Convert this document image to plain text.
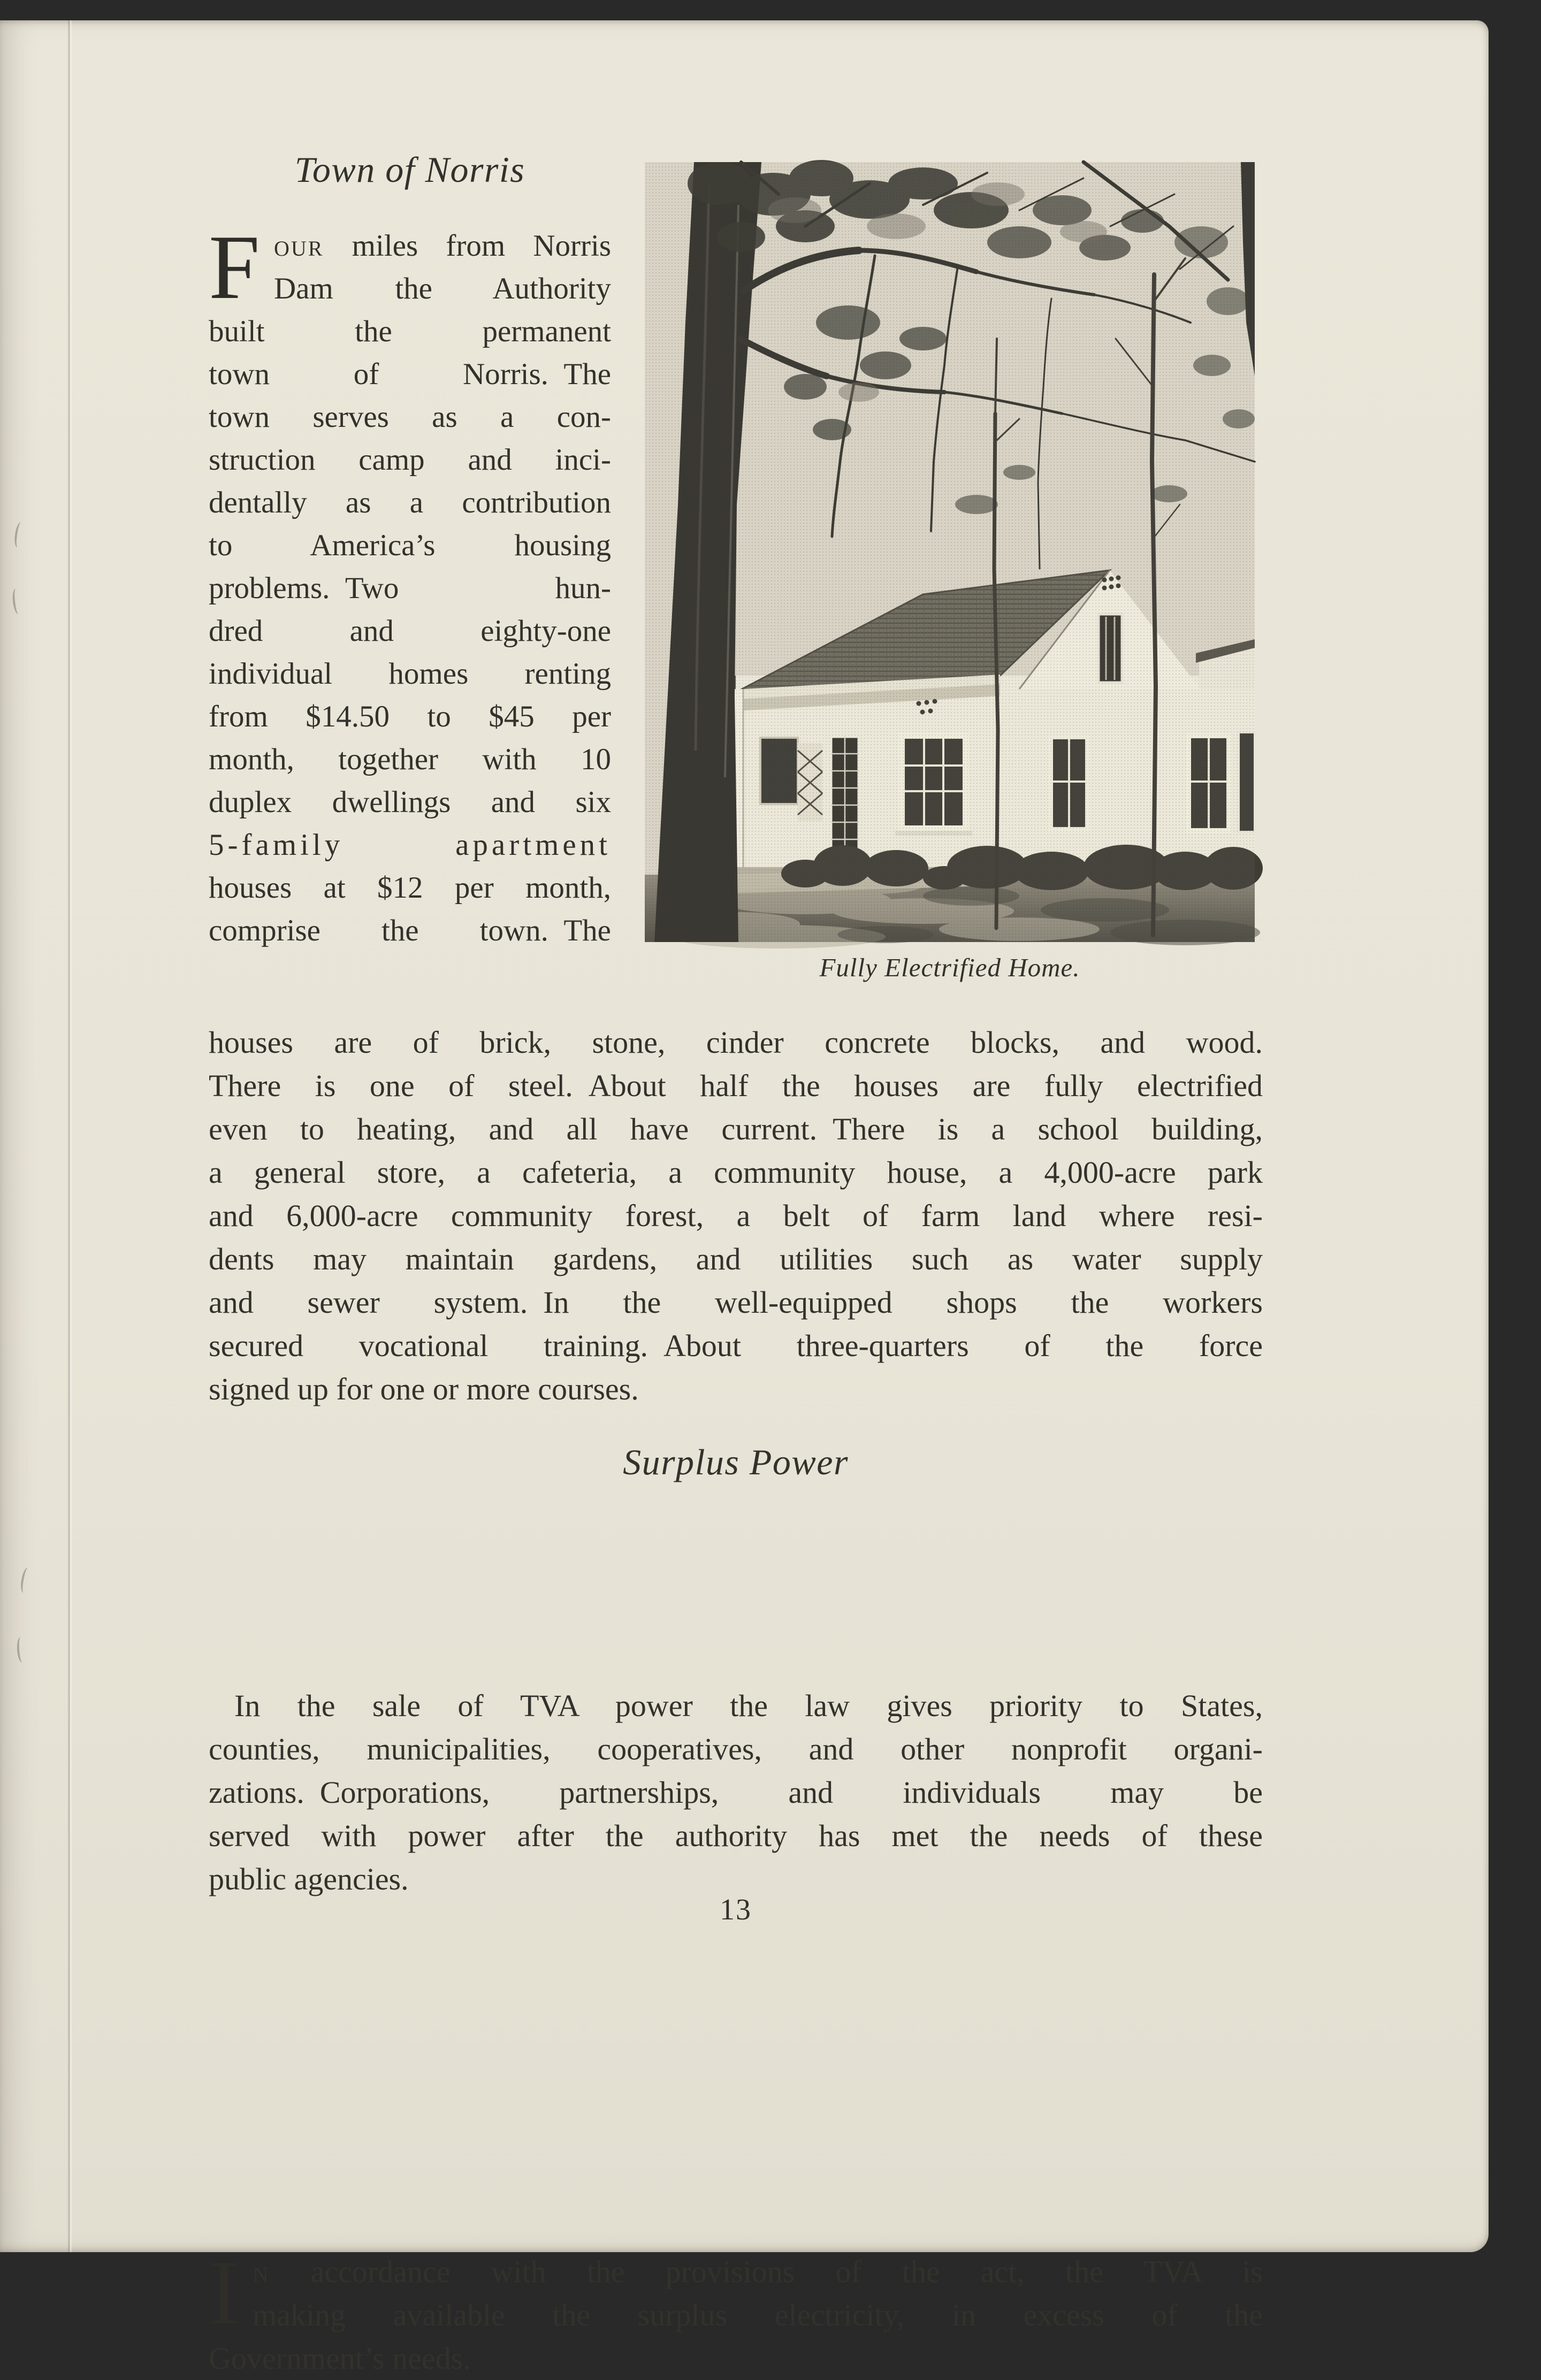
Town of Norris
F our miles from Norris
Dam the Authority
built the permanent
town of Norris. The
town serves as a con-
struction camp and inci-
dentally as a contribution
to America’s housing
problems. Two hun-
dred and eighty-one
individual homes renting
from $14.50 to $45 per
month, together with 10
duplex dwellings and six
5-family apartment
houses at $12 per month,
comprise the town. The
Fully Electrified Home.
houses are of brick, stone, cinder concrete blocks, and wood.
There is one of steel. About half the houses are fully electrified
even to heating, and all have current. There is a school building,
a general store, a cafeteria, a community house, a 4,000-acre park
and 6,000-acre community forest, a belt of farm land where resi-
dents may maintain gardens, and utilities such as water supply
and sewer system. In the well-equipped shops the workers
secured vocational training. About three-quarters of the force
signed up for one or more courses.
Surplus Power
I n accordance with the provisions of the act, the TVA is
making available the surplus electricity, in excess of the
Government’s needs.
In the sale of TVA power the law gives priority to States,
counties, municipalities, cooperatives, and other nonprofit organi-
zations. Corporations, partnerships, and individuals may be
served with power after the authority has met the needs of these
public agencies.
13
